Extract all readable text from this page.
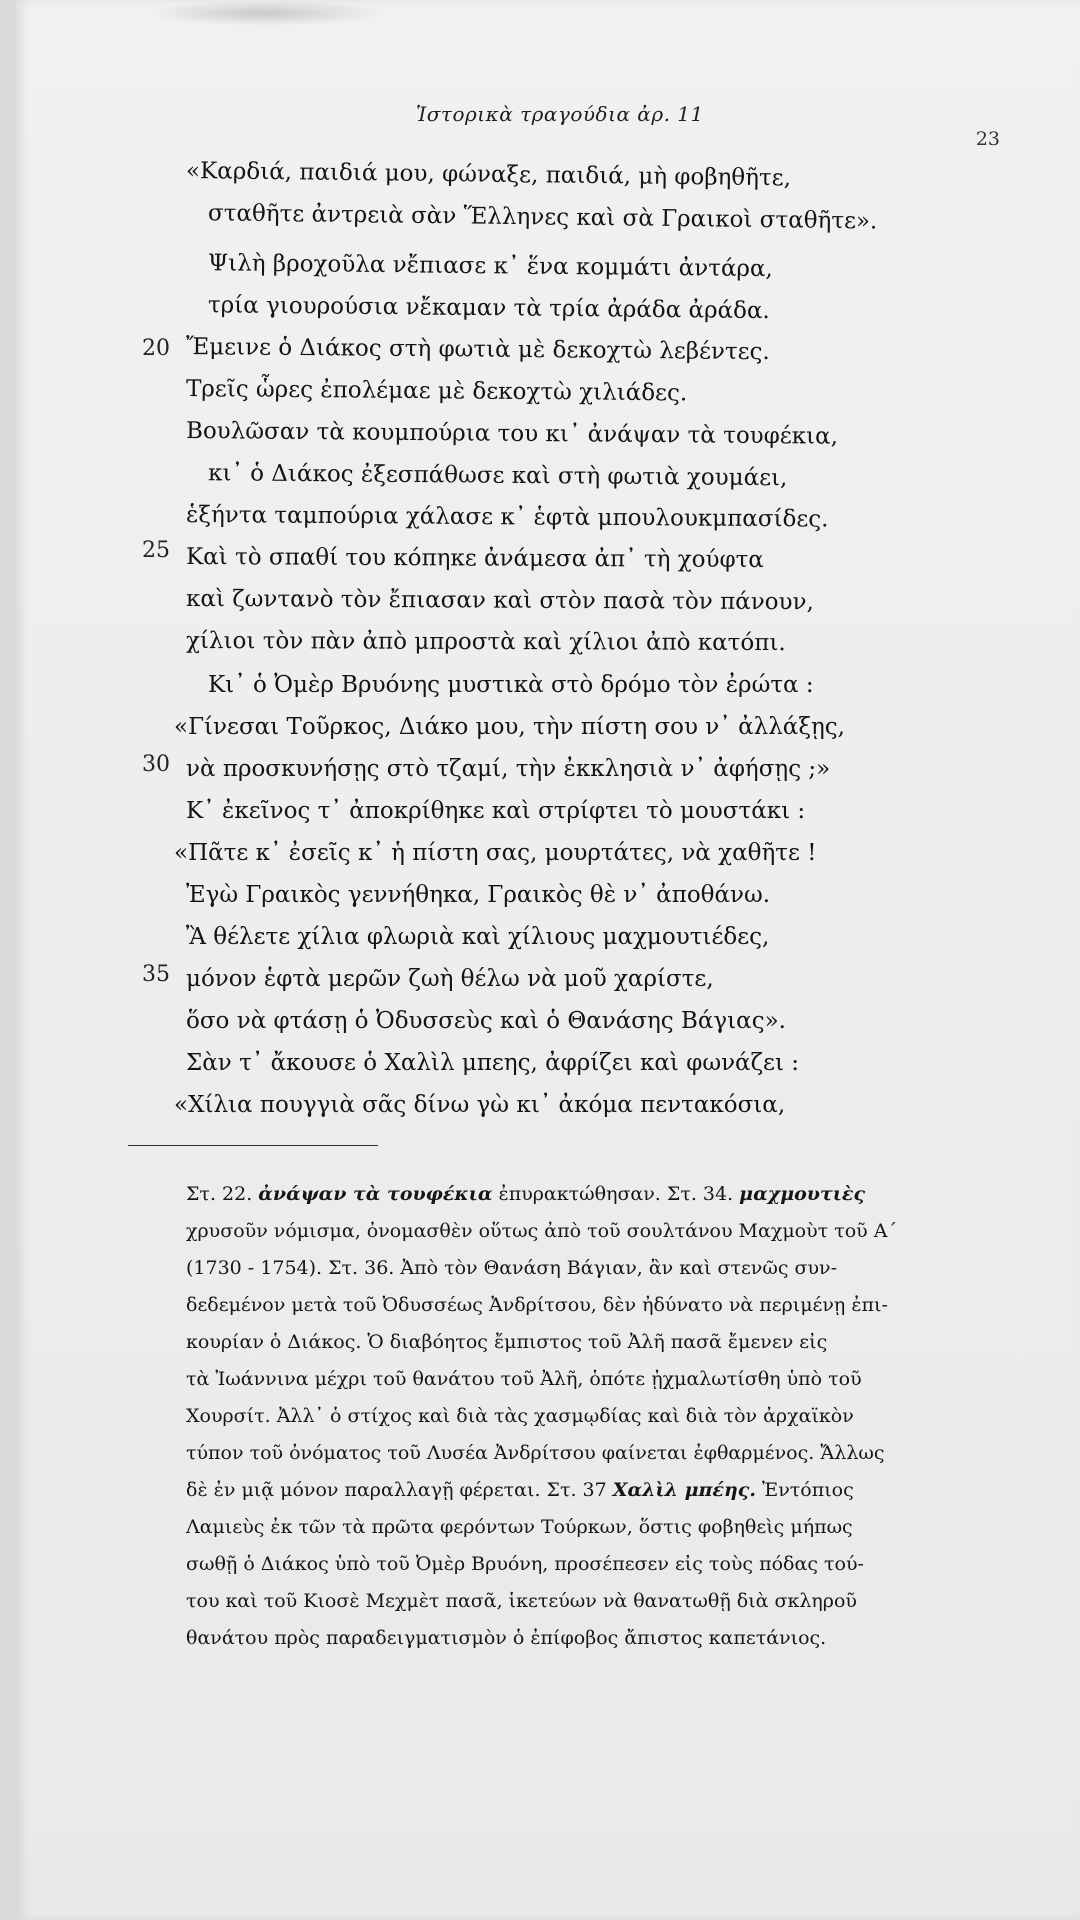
Ἱστορικὰ τραγούδια ἀρ. 11
23
«Καρδιά, παιδιά μου, φώναξε, παιδιά, μὴ φοβηθῆτε,
σταθῆτε ἀντρειὰ σὰν Ἕλληνες καὶ σὰ Γραικοὶ σταθῆτε».
Ψιλὴ βροχοῦλα νἔπιασε κ᾿ ἕνα κομμάτι ἀντάρα,
τρία γιουρούσια νἔκαμαν τὰ τρία ἀράδα ἀράδα.
Ἔμεινε ὁ Διάκος στὴ φωτιὰ μὲ δεκοχτὼ λεβέντες.
Τρεῖς ὧρες ἐπολέμαε μὲ δεκοχτὼ χιλιάδες.
Βουλῶσαν τὰ κουμπούρια του κι᾿ ἀνάψαν τὰ τουφέκια,
κι᾿ ὁ Διάκος ἐξεσπάθωσε καὶ στὴ φωτιὰ χουμάει,
ἑξήντα ταμπούρια χάλασε κ᾿ ἑφτὰ μπουλουκμπασίδες.
Καὶ τὸ σπαθί του κόπηκε ἀνάμεσα ἀπ᾿ τὴ χούφτα
καὶ ζωντανὸ τὸν ἔπιασαν καὶ στὸν πασὰ τὸν πάνουν,
χίλιοι τὸν πὰν ἀπὸ μπροστὰ καὶ χίλιοι ἀπὸ κατόπι.
Κι᾿ ὁ Ὀμὲρ Βρυόνης μυστικὰ στὸ δρόμο τὸν ἐρώτα :
«Γίνεσαι Τοῦρκος, Διάκο μου, τὴν πίστη σου ν᾿ ἀλλάξῃς,
νὰ προσκυνήσῃς στὸ τζαμί, τὴν ἐκκλησιὰ ν᾿ ἀφήσῃς ;»
Κ᾿ ἐκεῖνος τ᾿ ἀποκρίθηκε καὶ στρίφτει τὸ μουστάκι :
«Πᾶτε κ᾿ ἐσεῖς κ᾿ ἡ πίστη σας, μουρτάτες, νὰ χαθῆτε !
Ἐγὼ Γραικὸς γεννήθηκα, Γραικὸς θὲ ν᾿ ἀποθάνω.
Ἂ θέλετε χίλια φλωριὰ καὶ χίλιους μαχμουτιέδες,
μόνον ἑφτὰ μερῶν ζωὴ θέλω νὰ μοῦ χαρίστε,
ὅσο νὰ φτάσῃ ὁ Ὀδυσσεὺς καὶ ὁ Θανάσης Βάγιας».
Σὰν τ᾿ ἄκουσε ὁ Χαλὶλ μπεης, ἀφρίζει καὶ φωνάζει :
«Χίλια πουγγιὰ σᾶς δίνω γὼ κι᾿ ἀκόμα πεντακόσια,
20
25
30
35
Στ. 22. ἀνάψαν τὰ τουφέκια ἐπυρακτώθησαν. Στ. 34. μαχμουτιὲς
χρυσοῦν νόμισμα, ὀνομασθὲν οὕτως ἀπὸ τοῦ σουλτάνου Μαχμοὺτ τοῦ Α΄
(1730 - 1754). Στ. 36. Ἀπὸ τὸν Θανάση Βάγιαν, ἂν καὶ στενῶς συν-
δεδεμένον μετὰ τοῦ Ὀδυσσέως Ἀνδρίτσου, δὲν ἠδύνατο νὰ περιμένῃ ἐπι-
κουρίαν ὁ Διάκος. Ὁ διαβόητος ἔμπιστος τοῦ Ἀλῆ πασᾶ ἔμενεν εἰς
τὰ Ἰωάννινα μέχρι τοῦ θανάτου τοῦ Ἀλῆ, ὁπότε ᾐχμαλωτίσθη ὑπὸ τοῦ
Χουρσίτ. Ἀλλ᾿ ὁ στίχος καὶ διὰ τὰς χασμῳδίας καὶ διὰ τὸν ἀρχαϊκὸν
τύπον τοῦ ὀνόματος τοῦ Λυσέα Ἀνδρίτσου φαίνεται ἐφθαρμένος. Ἄλλως
δὲ ἐν μιᾷ μόνον παραλλαγῇ φέρεται. Στ. 37 Χαλὶλ μπέης. Ἐντόπιος
Λαμιεὺς ἐκ τῶν τὰ πρῶτα φερόντων Τούρκων, ὅστις φοβηθεὶς μήπως
σωθῇ ὁ Διάκος ὑπὸ τοῦ Ὀμὲρ Βρυόνη, προσέπεσεν εἰς τοὺς πόδας τού-
του καὶ τοῦ Κιοσὲ Μεχμὲτ πασᾶ, ἱκετεύων νὰ θανατωθῇ διὰ σκληροῦ
θανάτου πρὸς παραδειγματισμὸν ὁ ἐπίφοβος ἄπιστος καπετάνιος.
